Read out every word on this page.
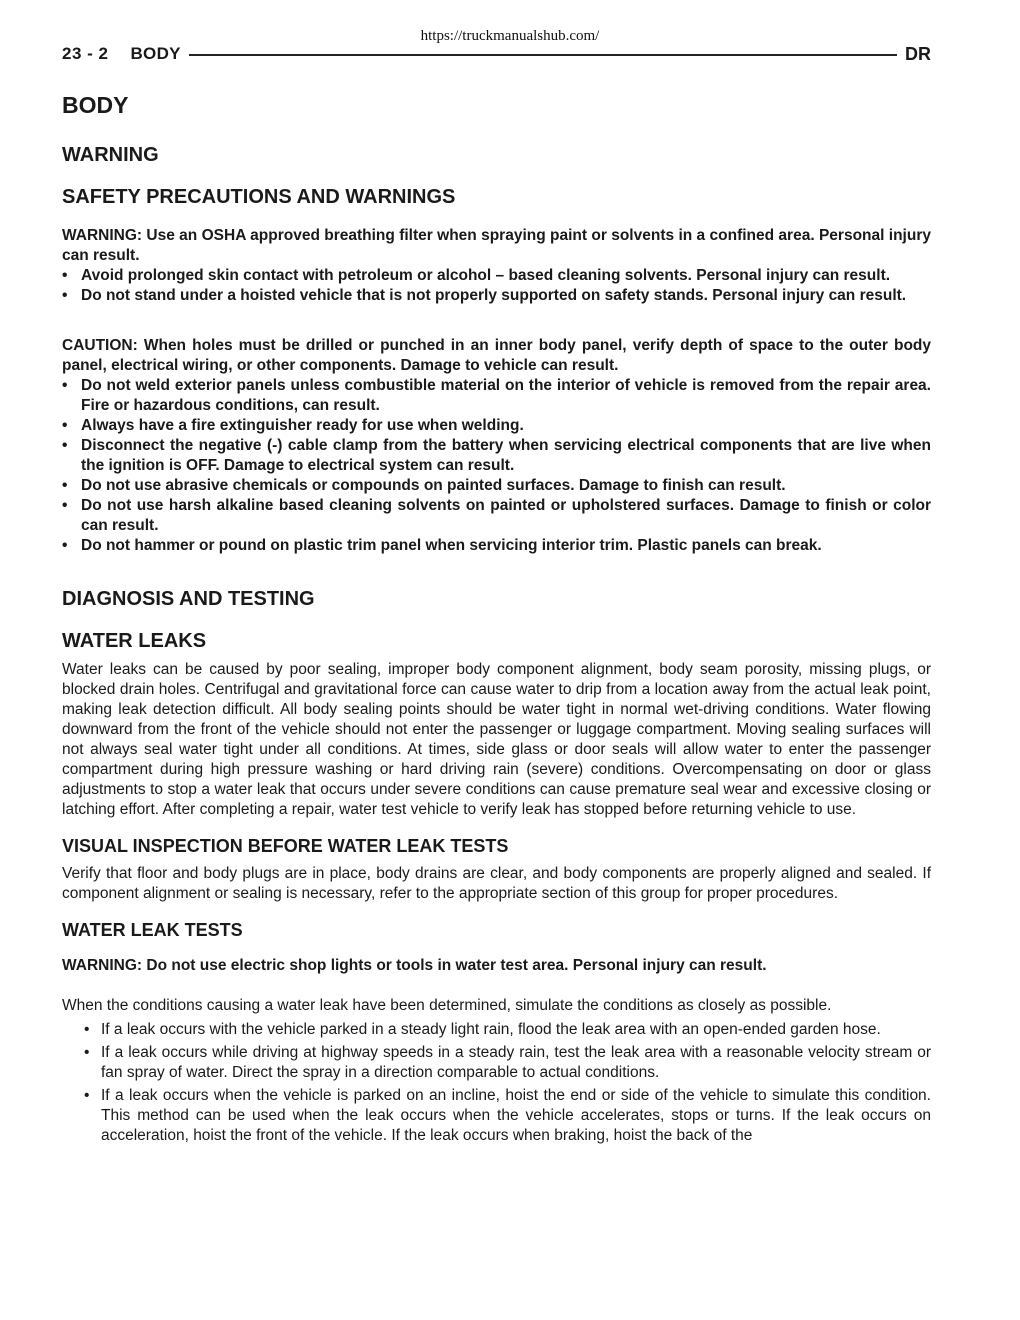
https://truckmanualshub.com/
23 - 2 BODY	DR
BODY
WARNING
SAFETY PRECAUTIONS AND WARNINGS

WARNING: Use an OSHA approved breathing filter when spraying paint or solvents in a confined area. Personal injury can result.

• Avoid prolonged skin contact with petroleum or alcohol – based cleaning solvents. Personal injury can result.
• Do not stand under a hoisted vehicle that is not properly supported on safety stands. Personal injury can result.

CAUTION: When holes must be drilled or punched in an inner body panel, verify depth of space to the outer body panel, electrical wiring, or other components. Damage to vehicle can result.

• Do not weld exterior panels unless combustible material on the interior of vehicle is removed from the repair area. Fire or hazardous conditions, can result.
• Always have a fire extinguisher ready for use when welding.
• Disconnect the negative (-) cable clamp from the battery when servicing electrical components that are live when the ignition is OFF. Damage to electrical system can result.
• Do not use abrasive chemicals or compounds on painted surfaces. Damage to finish can result.
• Do not use harsh alkaline based cleaning solvents on painted or upholstered surfaces. Damage to finish or color can result.
• Do not hammer or pound on plastic trim panel when servicing interior trim. Plastic panels can break.
DIAGNOSIS AND TESTING
WATER LEAKS

Water leaks can be caused by poor sealing, improper body component alignment, body seam porosity, missing plugs, or blocked drain holes. Centrifugal and gravitational force can cause water to drip from a location away from the actual leak point, making leak detection difficult. All body sealing points should be water tight in normal wet-driving conditions. Water flowing downward from the front of the vehicle should not enter the passenger or luggage compartment. Moving sealing surfaces will not always seal water tight under all conditions. At times, side glass or door seals will allow water to enter the passenger compartment during high pressure washing or hard driving rain (severe) conditions. Overcompensating on door or glass adjustments to stop a water leak that occurs under severe conditions can cause premature seal wear and excessive closing or latching effort. After completing a repair, water test vehicle to verify leak has stopped before returning vehicle to use.

VISUAL INSPECTION BEFORE WATER LEAK TESTS

Verify that floor and body plugs are in place, body drains are clear, and body components are properly aligned and sealed. If component alignment or sealing is necessary, refer to the appropriate section of this group for proper procedures.

WATER LEAK TESTS

WARNING: Do not use electric shop lights or tools in water test area. Personal injury can result.

When the conditions causing a water leak have been determined, simulate the conditions as closely as possible.

• If a leak occurs with the vehicle parked in a steady light rain, flood the leak area with an open-ended garden hose.
• If a leak occurs while driving at highway speeds in a steady rain, test the leak area with a reasonable velocity stream or fan spray of water. Direct the spray in a direction comparable to actual conditions.
• If a leak occurs when the vehicle is parked on an incline, hoist the end or side of the vehicle to simulate this condition. This method can be used when the leak occurs when the vehicle accelerates, stops or turns. If the leak occurs on acceleration, hoist the front of the vehicle. If the leak occurs when braking, hoist the back of the
